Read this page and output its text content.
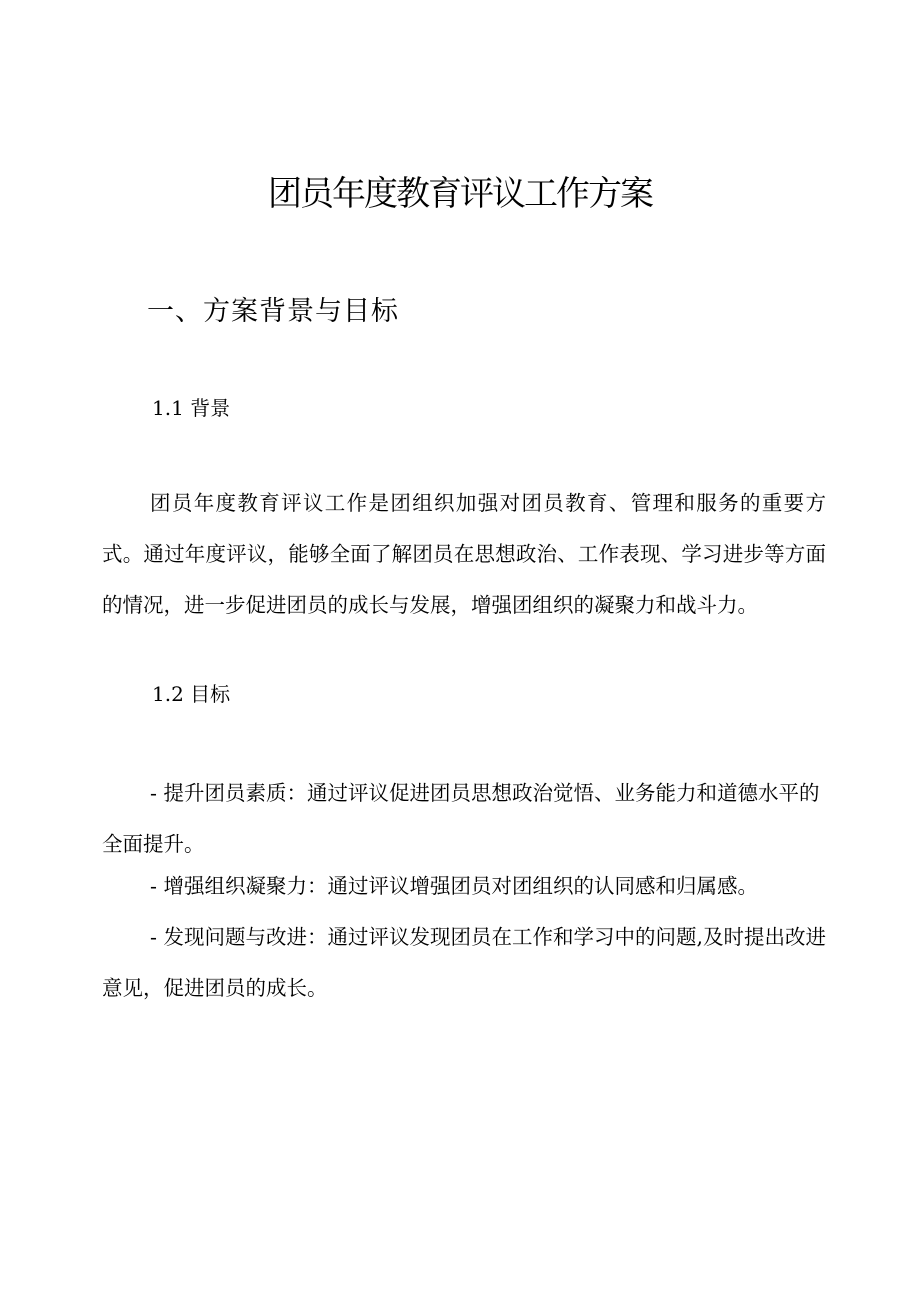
团员年度教育评议工作方案
一、方案背景与目标
1.1 背景

团员年度教育评议工作是团组织加强对团员教育、管理和服务的重要方式。通过年度评议，能够全面了解团员在思想政治、工作表现、学习进步等方面的情况，进一步促进团员的成长与发展，增强团组织的凝聚力和战斗力。

1.2 目标

- 提升团员素质：通过评议促进团员思想政治觉悟、业务能力和道德水平的全面提升。

- 增强组织凝聚力：通过评议增强团员对团组织的认同感和归属感。

- 发现问题与改进：通过评议发现团员在工作和学习中的问题,及时提出改进意见，促进团员的成长。
